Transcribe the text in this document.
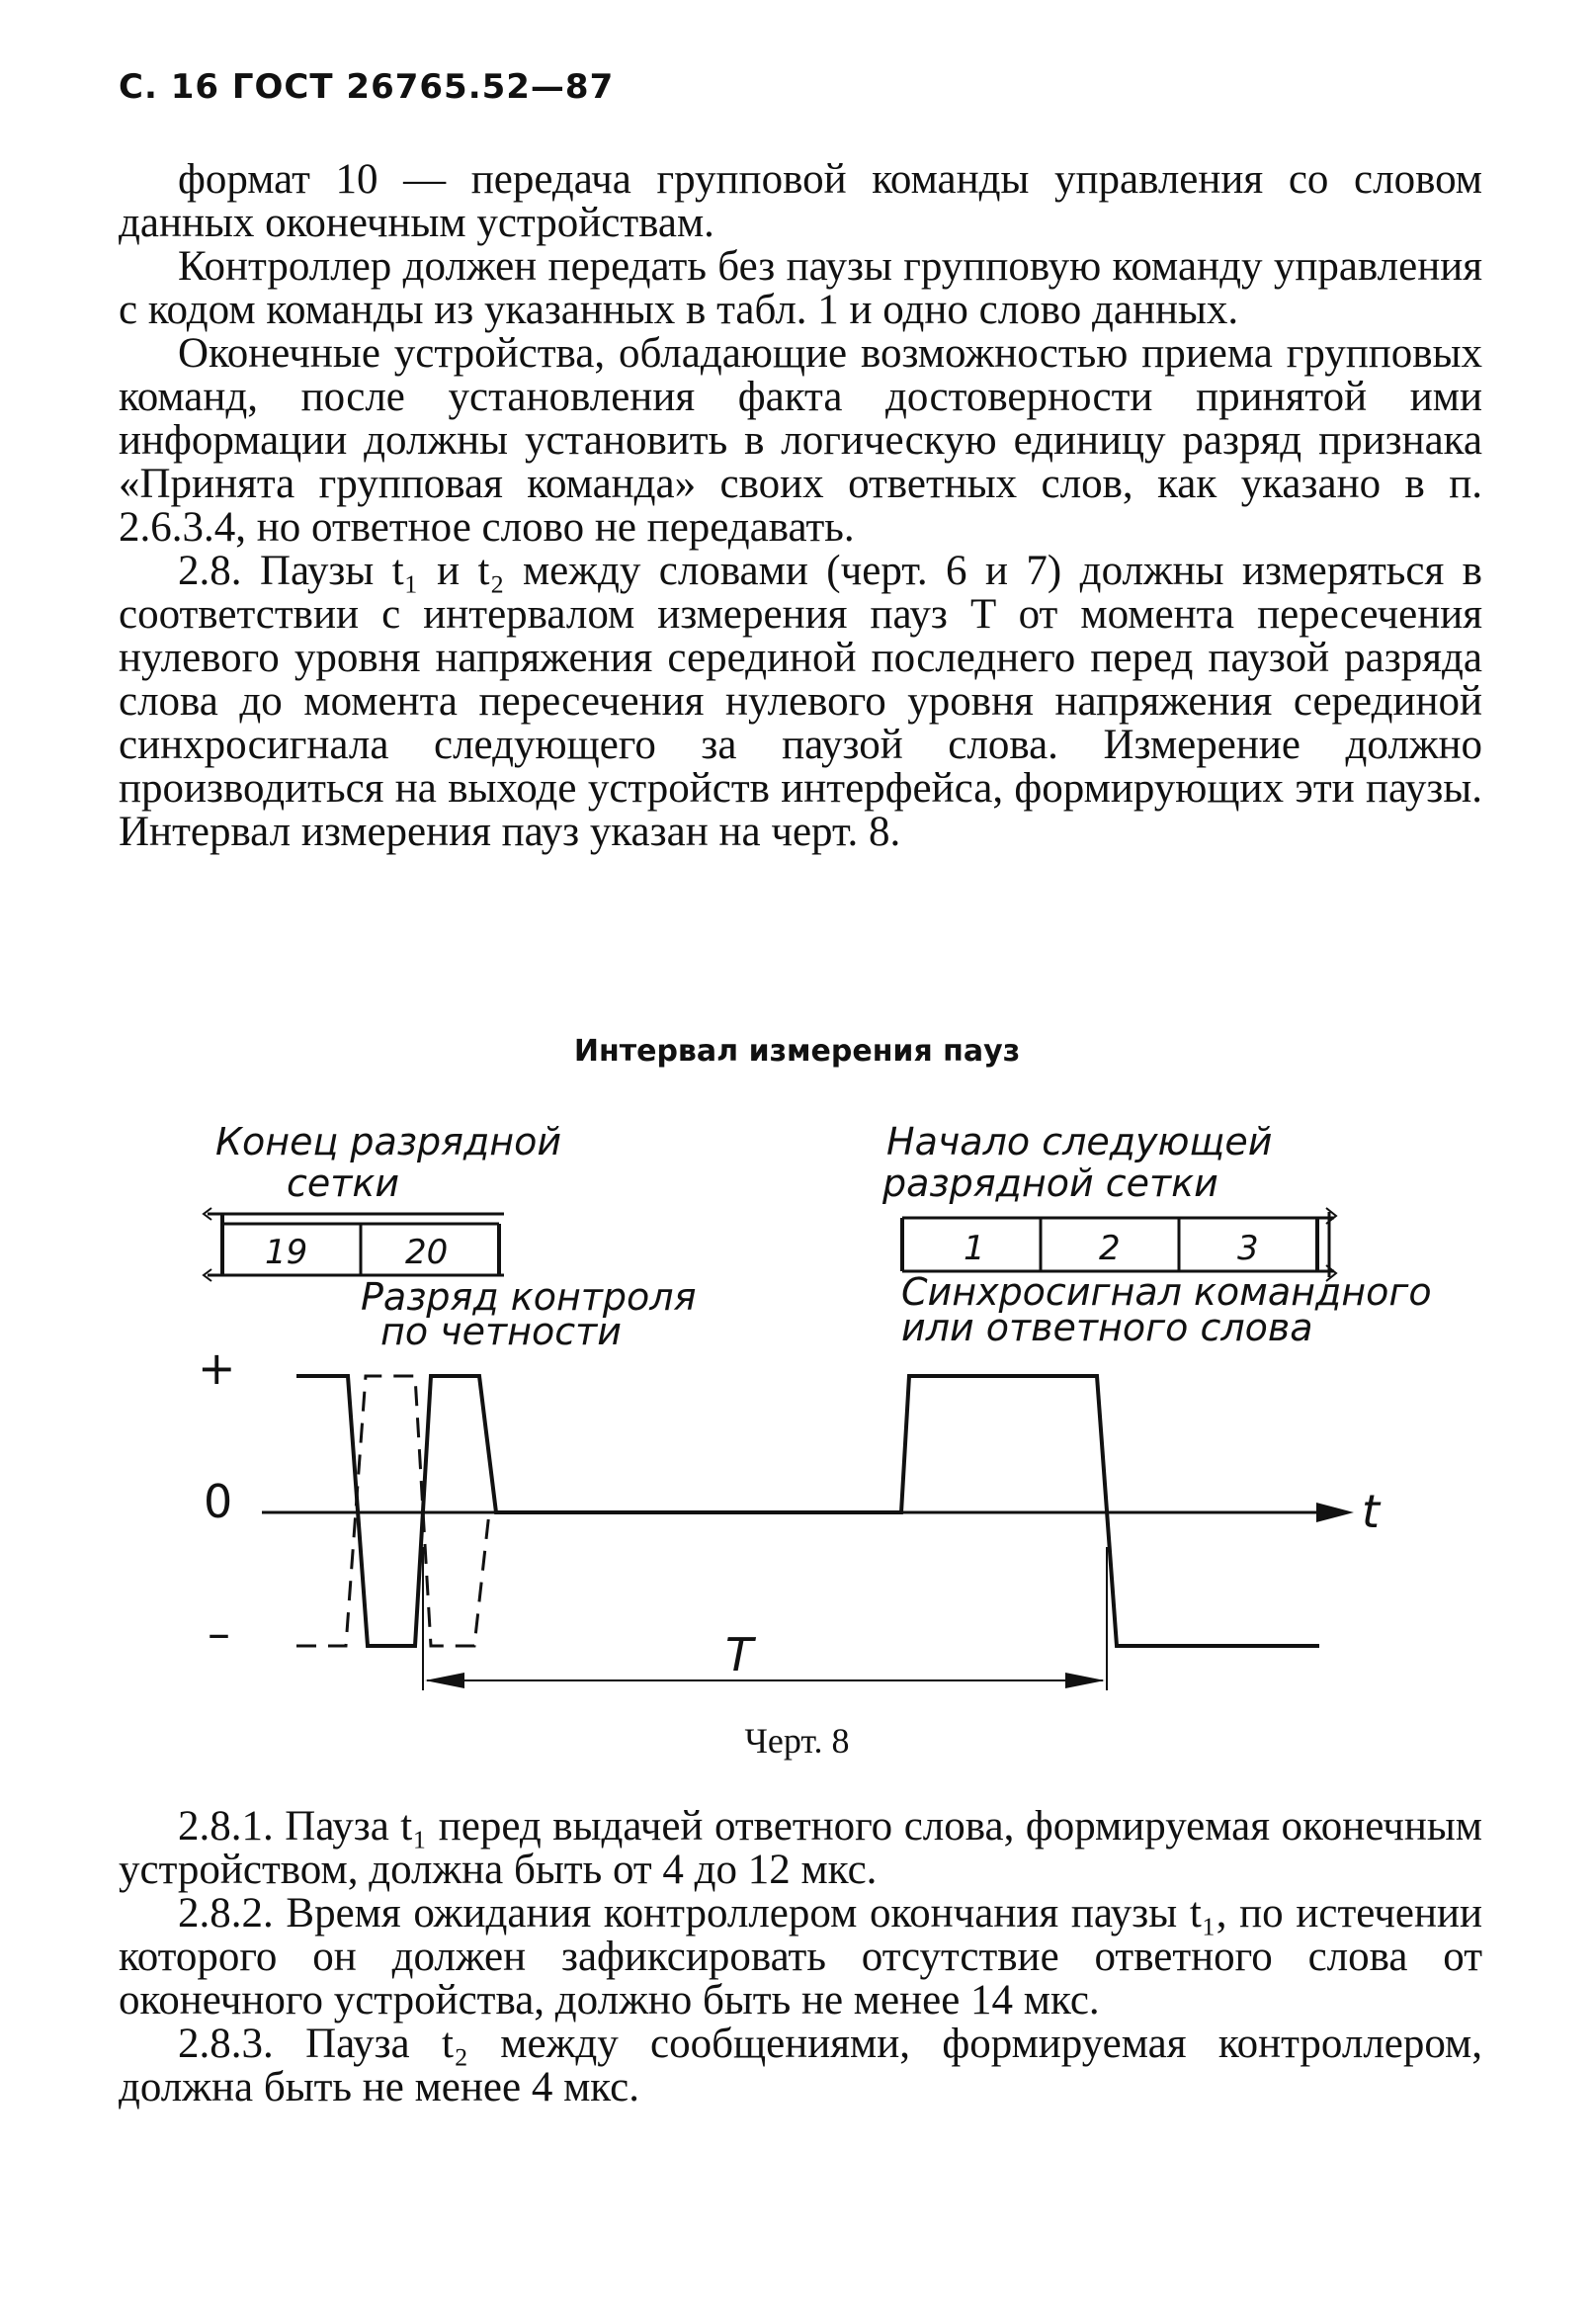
С. 16 ГОСТ 26765.52—87

формат 10 — передача групповой команды управления со словом данных оконечным устройствам.

Контроллер должен передать без паузы групповую команду управления с кодом команды из указанных в табл. 1 и одно слово данных.

Оконечные устройства, обладающие возможностью приема групповых команд, после установления факта достоверности принятой ими информации должны установить в логическую единицу разряд признака «Принята групповая команда» своих ответных слов, как указано в п. 2.6.3.4, но ответное слово не передавать.

2.8. Паузы t₁ и t₂ между словами (черт. 6 и 7) должны измеряться в соответствии с интервалом измерения пауз T от момента пересечения нулевого уровня напряжения серединой последнего перед паузой разряда слова до момента пересечения нулевого уровня напряжения серединой синхросигнала следующего за паузой слова. Измерение должно производиться на выходе устройств интерфейса, формирующих эти паузы. Интервал измерения пауз указан на черт. 8.

Интервал измерения пауз
Конец разрядной
сетки
19	20
Разряд контроля
по четности
Начало следующей
разрядной сетки
1	2	3
Синхросигнал командного
или ответного слова
+
0
–
t
T
Черт. 8

2.8.1. Пауза t₁ перед выдачей ответного слова, формируемая оконечным устройством, должна быть от 4 до 12 мкс.

2.8.2. Время ожидания контроллером окончания паузы t₁, по истечении которого он должен зафиксировать отсутствие ответного слова от оконечного устройства, должно быть не менее 14 мкс.

2.8.3. Пауза t₂ между сообщениями, формируемая контроллером, должна быть не менее 4 мкс.
